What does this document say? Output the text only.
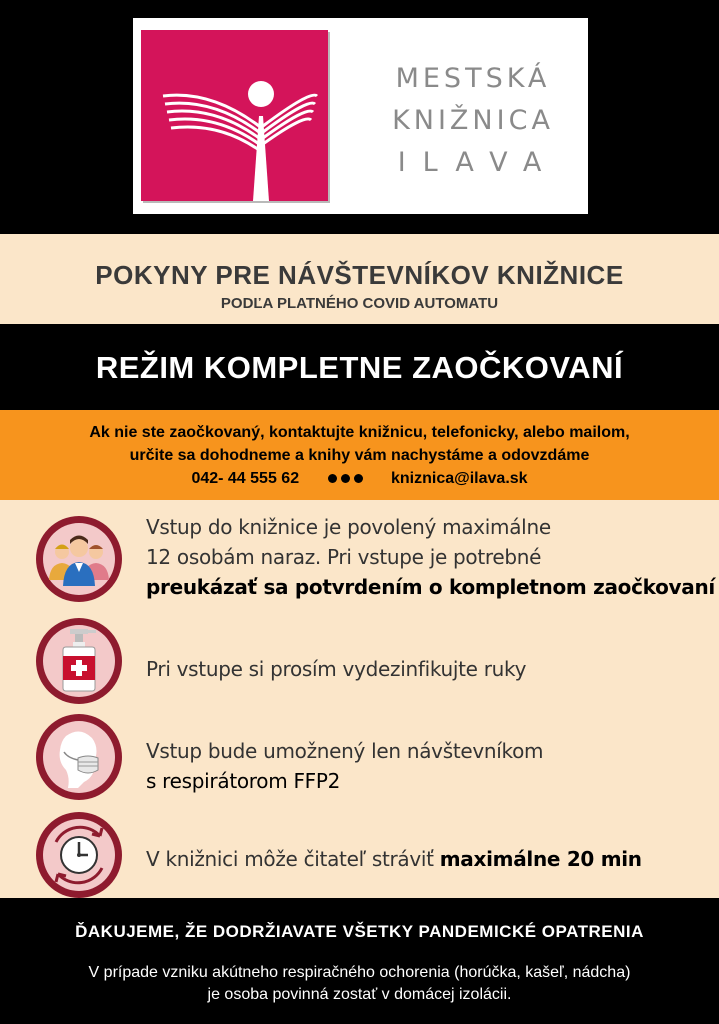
MESTSKÁ
KNIŽNICA
ILAVA
POKYNY PRE NÁVŠTEVNÍKOV KNIŽNICE
PODĽA PLATNÉHO COVID AUTOMATU
REŽIM KOMPLETNE ZAOČKOVANÍ
Ak nie ste zaočkovaný, kontaktujte knižnicu, telefonicky, alebo mailom,
určite sa dohodneme a knihy vám nachystáme a odovzdáme
042- 44 555 62	kniznica@ilava.sk
Vstup do knižnice je povolený maximálne
12 osobám naraz. Pri vstupe je potrebné
preukázať sa potvrdením o kompletnom zaočkovaní
Pri vstupe si prosím vydezinfikujte ruky
Vstup bude umožnený len návštevníkom
s respirátorom FFP2
V knižnici môže čitateľ stráviť maximálne 20 min
ĎAKUJEME, ŽE DODRŽIAVATE VŠETKY PANDEMICKÉ OPATRENIA
V prípade vzniku akútneho respiračného ochorenia (horúčka, kašeľ, nádcha)
je osoba povinná zostať v domácej izolácii.
